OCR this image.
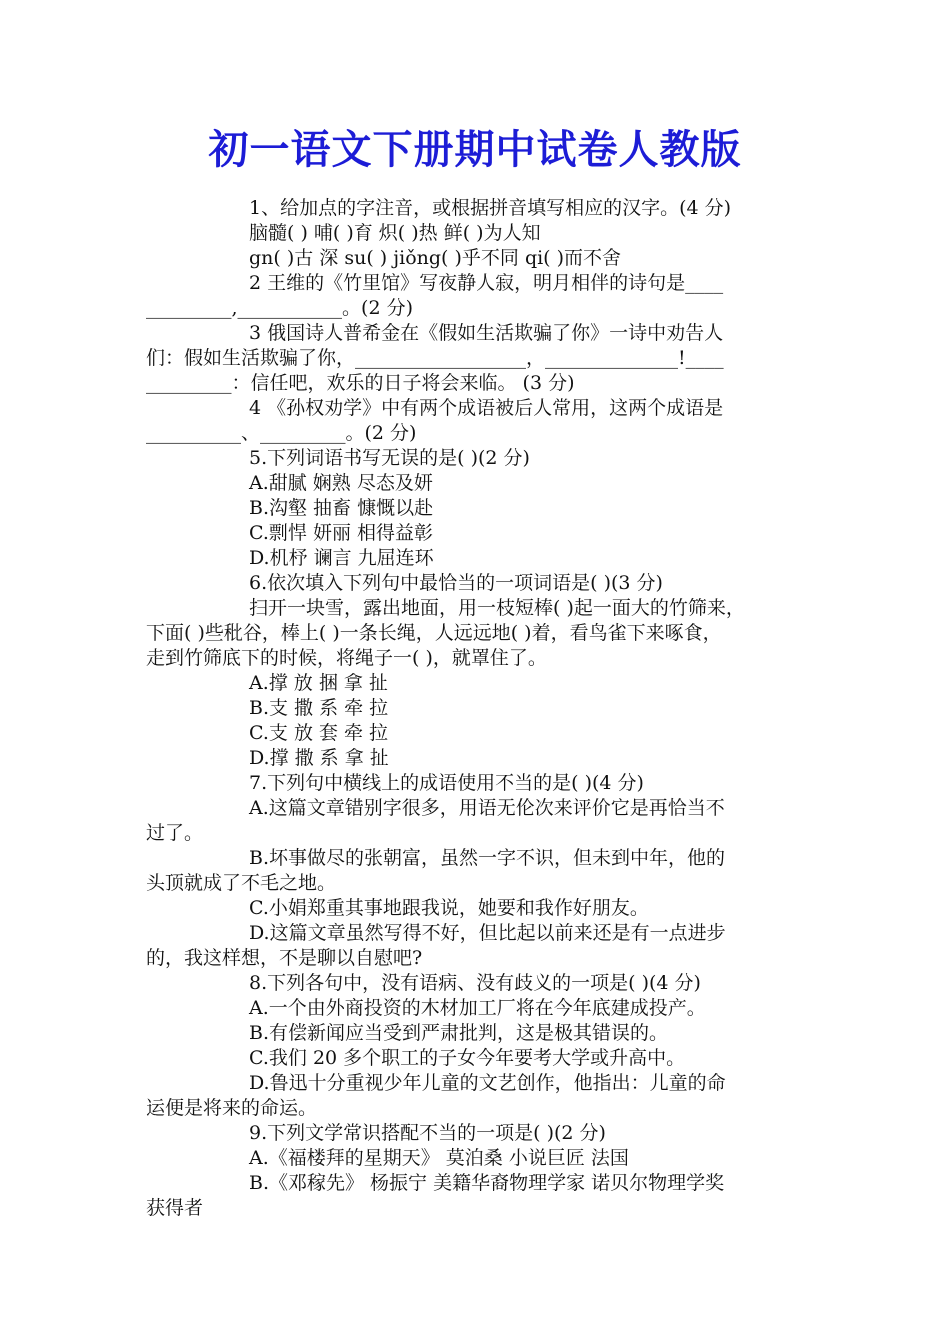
初一语文下册期中试卷人教版

1、给加点的字注音，或根据拼音填写相应的汉字。(4 分)

脑髓( ) 哺( )育 炽( )热 鲜( )为人知

gn( )古 深 su( ) jiǒng( )乎不同 qi( )而不舍

2 王维的《竹里馆》写夜静人寂，明月相伴的诗句是____

_________,___________。(2 分)

3 俄国诗人普希金在《假如生活欺骗了你》一诗中劝告人

们：假如生活欺骗了你，__________________，______________!____

_________：信任吧，欢乐的日子将会来临。 (3 分)

4 《孙权劝学》中有两个成语被后人常用，这两个成语是

__________、_________。(2 分)

5.下列词语书写无误的是( )(2 分)

A.甜腻 娴熟 尽态及妍

B.沟壑 抽畜 慷慨以赴

C.剽悍 妍丽 相得益彰

D.机杼 谰言 九屈连环

6.依次填入下列句中最恰当的一项词语是( )(3 分)

扫开一块雪，露出地面，用一枝短棒( )起一面大的竹筛来，

下面( )些秕谷，棒上( )一条长绳，人远远地( )着，看鸟雀下来啄食，

走到竹筛底下的时候，将绳子一( )，就罩住了。

A.撑 放 捆 拿 扯

B.支 撒 系 牵 拉

C.支 放 套 牵 拉

D.撑 撒 系 拿 扯

7.下列句中横线上的成语使用不当的是( )(4 分)

A.这篇文章错别字很多，用语无伦次来评价它是再恰当不

过了。

B.坏事做尽的张朝富，虽然一字不识，但未到中年，他的

头顶就成了不毛之地。

C.小娟郑重其事地跟我说，她要和我作好朋友。

D.这篇文章虽然写得不好，但比起以前来还是有一点进步

的，我这样想，不是聊以自慰吧?

8.下列各句中，没有语病、没有歧义的一项是( )(4 分)

A.一个由外商投资的木材加工厂将在今年底建成投产。

B.有偿新闻应当受到严肃批判，这是极其错误的。

C.我们 20 多个职工的子女今年要考大学或升高中。

D.鲁迅十分重视少年儿童的文艺创作，他指出：儿童的命

运便是将来的命运。

9.下列文学常识搭配不当的一项是( )(2 分)

A.《福楼拜的星期天》 莫泊桑 小说巨匠 法国

B.《邓稼先》 杨振宁 美籍华裔物理学家 诺贝尔物理学奖

获得者
